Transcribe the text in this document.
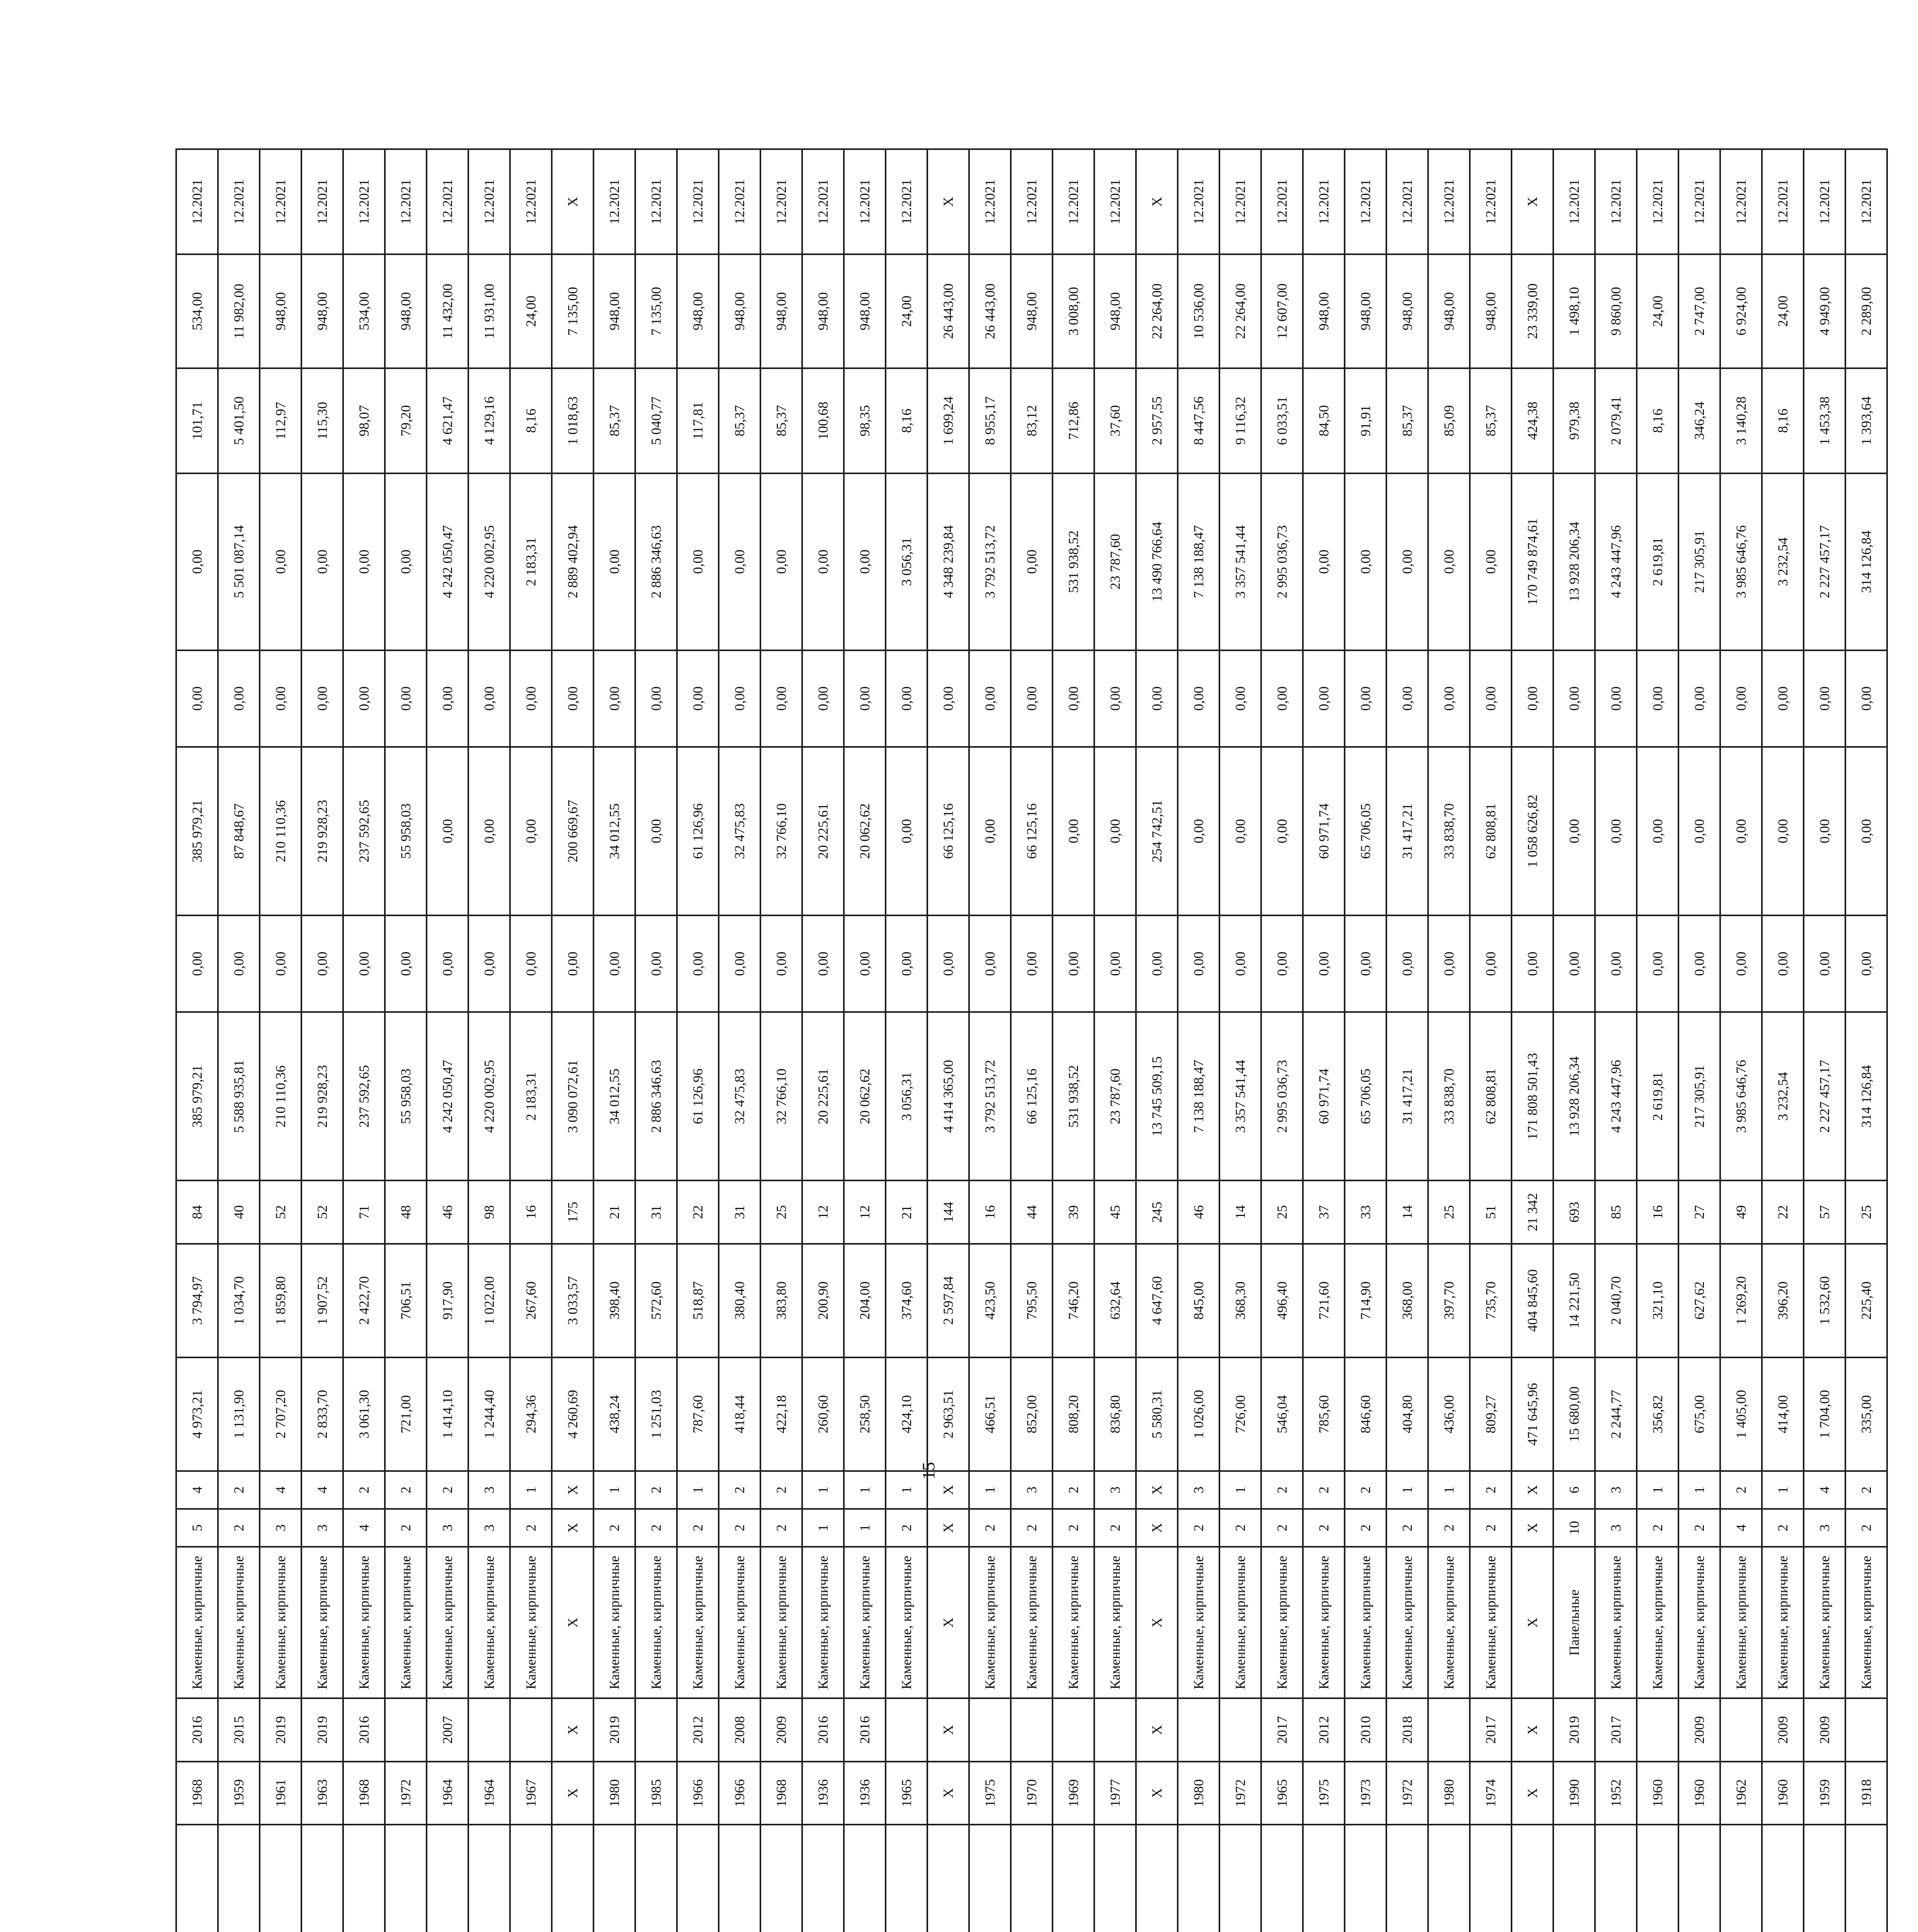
		1968	2016	Каменные, кирпичные	5	4	4 973,21	3 794,97	84	385 979,21	0,00	385 979,21	0,00	0,00	101,71	534,00	12.2021
		1959	2015	Каменные, кирпичные	2	2	1 131,90	1 034,70	40	5 588 935,81	0,00	87 848,67	0,00	5 501 087,14	5 401,50	11 982,00	12.2021
		1961	2019	Каменные, кирпичные	3	4	2 707,20	1 859,80	52	210 110,36	0,00	210 110,36	0,00	0,00	112,97	948,00	12.2021
		1963	2019	Каменные, кирпичные	3	4	2 833,70	1 907,52	52	219 928,23	0,00	219 928,23	0,00	0,00	115,30	948,00	12.2021
		1968	2016	Каменные, кирпичные	4	2	3 061,30	2 422,70	71	237 592,65	0,00	237 592,65	0,00	0,00	98,07	534,00	12.2021
		1972		Каменные, кирпичные	2	2	721,00	706,51	48	55 958,03	0,00	55 958,03	0,00	0,00	79,20	948,00	12.2021
		1964	2007	Каменные, кирпичные	3	2	1 414,10	917,90	46	4 242 050,47	0,00	0,00	0,00	4 242 050,47	4 621,47	11 432,00	12.2021
		1964		Каменные, кирпичные	3	3	1 244,40	1 022,00	98	4 220 002,95	0,00	0,00	0,00	4 220 002,95	4 129,16	11 931,00	12.2021
		1967		Каменные, кирпичные	2	1	294,36	267,60	16	2 183,31	0,00	0,00	0,00	2 183,31	8,16	24,00	12.2021
	X	X	X	X	X	4 260,69	3 033,57	175	3 090 072,61	0,00	200 669,67	0,00	2 889 402,94	1 018,63	7 135,00	X
		1980	2019	Каменные, кирпичные	2	1	438,24	398,40	21	34 012,55	0,00	34 012,55	0,00	0,00	85,37	948,00	12.2021
		1985		Каменные, кирпичные	2	2	1 251,03	572,60	31	2 886 346,63	0,00	0,00	0,00	2 886 346,63	5 040,77	7 135,00	12.2021
		1966	2012	Каменные, кирпичные	2	1	787,60	518,87	22	61 126,96	0,00	61 126,96	0,00	0,00	117,81	948,00	12.2021
		1966	2008	Каменные, кирпичные	2	2	418,44	380,40	31	32 475,83	0,00	32 475,83	0,00	0,00	85,37	948,00	12.2021
		1968	2009	Каменные, кирпичные	2	2	422,18	383,80	25	32 766,10	0,00	32 766,10	0,00	0,00	85,37	948,00	12.2021
		1936	2016	Каменные, кирпичные	1	1	260,60	200,90	12	20 225,61	0,00	20 225,61	0,00	0,00	100,68	948,00	12.2021
		1936	2016	Каменные, кирпичные	1	1	258,50	204,00	12	20 062,62	0,00	20 062,62	0,00	0,00	98,35	948,00	12.2021
		1965		Каменные, кирпичные	2	1	424,10	374,60	21	3 056,31	0,00	0,00	0,00	3 056,31	8,16	24,00	12.2021
	X	X	X	X	X	2 963,51	2 597,84	144	4 414 365,00	0,00	66 125,16	0,00	4 348 239,84	1 699,24	26 443,00	X
		1975		Каменные, кирпичные	2	1	466,51	423,50	16	3 792 513,72	0,00	0,00	0,00	3 792 513,72	8 955,17	26 443,00	12.2021
		1970		Каменные, кирпичные	2	3	852,00	795,50	44	66 125,16	0,00	66 125,16	0,00	0,00	83,12	948,00	12.2021
		1969		Каменные, кирпичные	2	2	808,20	746,20	39	531 938,52	0,00	0,00	0,00	531 938,52	712,86	3 008,00	12.2021
		1977		Каменные, кирпичные	2	3	836,80	632,64	45	23 787,60	0,00	0,00	0,00	23 787,60	37,60	948,00	12.2021
	X	X	X	X	X	5 580,31	4 647,60	245	13 745 509,15	0,00	254 742,51	0,00	13 490 766,64	2 957,55	22 264,00	X
		1980		Каменные, кирпичные	2	3	1 026,00	845,00	46	7 138 188,47	0,00	0,00	0,00	7 138 188,47	8 447,56	10 536,00	12.2021
		1972		Каменные, кирпичные	2	1	726,00	368,30	14	3 357 541,44	0,00	0,00	0,00	3 357 541,44	9 116,32	22 264,00	12.2021
		1965	2017	Каменные, кирпичные	2	2	546,04	496,40	25	2 995 036,73	0,00	0,00	0,00	2 995 036,73	6 033,51	12 607,00	12.2021
		1975	2012	Каменные, кирпичные	2	2	785,60	721,60	37	60 971,74	0,00	60 971,74	0,00	0,00	84,50	948,00	12.2021
		1973	2010	Каменные, кирпичные	2	2	846,60	714,90	33	65 706,05	0,00	65 706,05	0,00	0,00	91,91	948,00	12.2021
		1972	2018	Каменные, кирпичные	2	1	404,80	368,00	14	31 417,21	0,00	31 417,21	0,00	0,00	85,37	948,00	12.2021
		1980		Каменные, кирпичные	2	1	436,00	397,70	25	33 838,70	0,00	33 838,70	0,00	0,00	85,09	948,00	12.2021
		1974	2017	Каменные, кирпичные	2	2	809,27	735,70	51	62 808,81	0,00	62 808,81	0,00	0,00	85,37	948,00	12.2021
	X	X	X	X	X	471 645,96	404 845,60	21 342	171 808 501,43	0,00	1 058 626,82	0,00	170 749 874,61	424,38	23 339,00	X
		1990	2019	Панельные	10	6	15 680,00	14 221,50	693	13 928 206,34	0,00	0,00	0,00	13 928 206,34	979,38	1 498,10	12.2021
		1952	2017	Каменные, кирпичные	3	3	2 244,77	2 040,70	85	4 243 447,96	0,00	0,00	0,00	4 243 447,96	2 079,41	9 860,00	12.2021
		1960		Каменные, кирпичные	2	1	356,82	321,10	16	2 619,81	0,00	0,00	0,00	2 619,81	8,16	24,00	12.2021
		1960	2009	Каменные, кирпичные	2	1	675,00	627,62	27	217 305,91	0,00	0,00	0,00	217 305,91	346,24	2 747,00	12.2021
		1962		Каменные, кирпичные	4	2	1 405,00	1 269,20	49	3 985 646,76	0,00	0,00	0,00	3 985 646,76	3 140,28	6 924,00	12.2021
		1960	2009	Каменные, кирпичные	2	1	414,00	396,20	22	3 232,54	0,00	0,00	0,00	3 232,54	8,16	24,00	12.2021
		1959	2009	Каменные, кирпичные	3	4	1 704,00	1 532,60	57	2 227 457,17	0,00	0,00	0,00	2 227 457,17	1 453,38	4 949,00	12.2021
		1918		Каменные, кирпичные	2	2	335,00	225,40	25	314 126,84	0,00	0,00	0,00	314 126,84	1 393,64	2 289,00	12.2021
15
